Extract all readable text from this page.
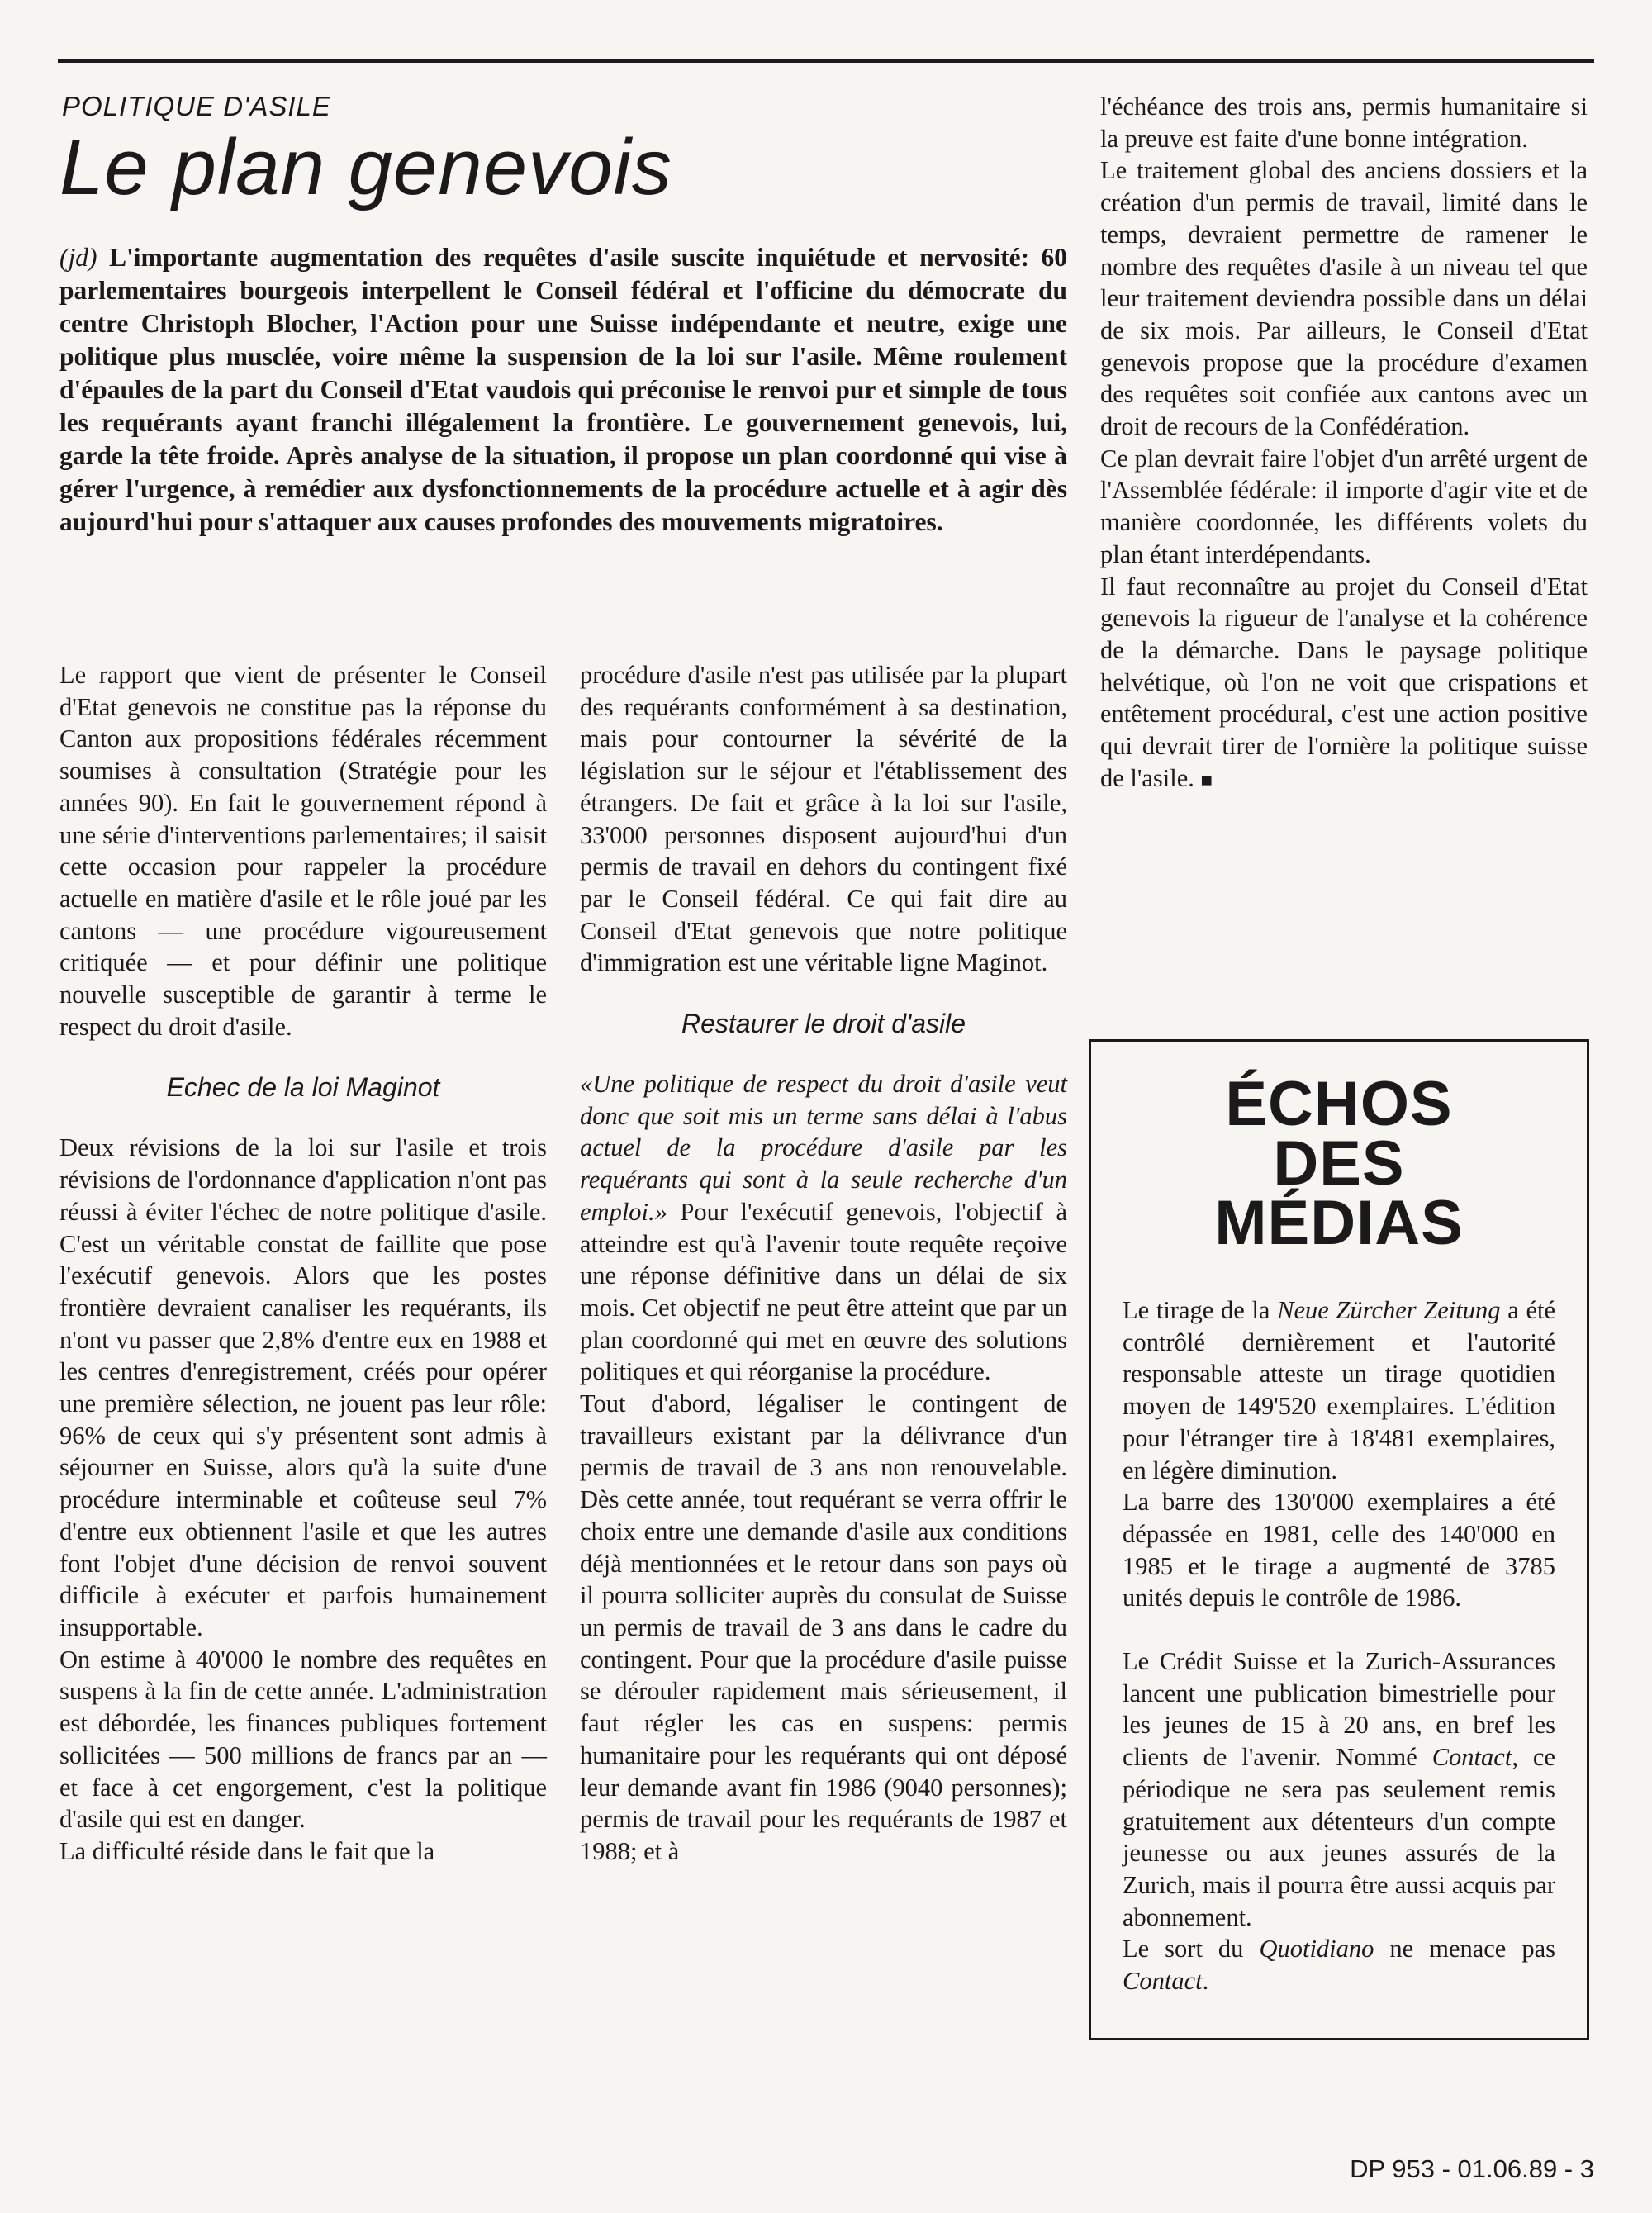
POLITIQUE D'ASILE
Le plan genevois

(jd) L'importante augmentation des requêtes d'asile suscite inquiétude et nervosité: 60 parlementaires bourgeois interpellent le Conseil fédéral et l'officine du démocrate du centre Christoph Blocher, l'Action pour une Suisse indépendante et neutre, exige une politique plus musclée, voire même la suspension de la loi sur l'asile. Même roulement d'épaules de la part du Conseil d'Etat vaudois qui préconise le renvoi pur et simple de tous les requérants ayant franchi illégalement la frontière. Le gouvernement genevois, lui, garde la tête froide. Après analyse de la situation, il propose un plan coordonné qui vise à gérer l'urgence, à remédier aux dysfonctionnements de la procédure actuelle et à agir dès aujourd'hui pour s'attaquer aux causes profondes des mouvements migratoires.

Le rapport que vient de présenter le Conseil d'Etat genevois ne constitue pas la réponse du Canton aux propositions fédérales récemment soumises à consultation (Stratégie pour les années 90). En fait le gouvernement répond à une série d'interventions parlementaires; il saisit cette occasion pour rappeler la procédure actuelle en matière d'asile et le rôle joué par les cantons — une procédure vigoureusement critiquée — et pour définir une politique nouvelle susceptible de garantir à terme le respect du droit d'asile.

Echec de la loi Maginot

Deux révisions de la loi sur l'asile et trois révisions de l'ordonnance d'application n'ont pas réussi à éviter l'échec de notre politique d'asile. C'est un véritable constat de faillite que pose l'exécutif genevois. Alors que les postes frontière devraient canaliser les requérants, ils n'ont vu passer que 2,8% d'entre eux en 1988 et les centres d'enregistrement, créés pour opérer une première sélection, ne jouent pas leur rôle: 96% de ceux qui s'y présentent sont admis à séjourner en Suisse, alors qu'à la suite d'une procédure interminable et coûteuse seul 7% d'entre eux obtiennent l'asile et que les autres font l'objet d'une décision de renvoi souvent difficile à exécuter et parfois humainement insupportable.

On estime à 40'000 le nombre des requêtes en suspens à la fin de cette année. L'administration est débordée, les finances publiques fortement sollicitées — 500 millions de francs par an — et face à cet engorgement, c'est la politique d'asile qui est en danger.

La difficulté réside dans le fait que la

procédure d'asile n'est pas utilisée par la plupart des requérants conformément à sa destination, mais pour contourner la sévérité de la législation sur le séjour et l'établissement des étrangers. De fait et grâce à la loi sur l'asile, 33'000 personnes disposent aujourd'hui d'un permis de travail en dehors du contingent fixé par le Conseil fédéral. Ce qui fait dire au Conseil d'Etat genevois que notre politique d'immigration est une véritable ligne Maginot.

Restaurer le droit d'asile

«Une politique de respect du droit d'asile veut donc que soit mis un terme sans délai à l'abus actuel de la procédure d'asile par les requérants qui sont à la seule recherche d'un emploi.» Pour l'exécutif genevois, l'objectif à atteindre est qu'à l'avenir toute requête reçoive une réponse définitive dans un délai de six mois. Cet objectif ne peut être atteint que par un plan coordonné qui met en œuvre des solutions politiques et qui réorganise la procédure.

Tout d'abord, légaliser le contingent de travailleurs existant par la délivrance d'un permis de travail de 3 ans non renouvelable. Dès cette année, tout requérant se verra offrir le choix entre une demande d'asile aux conditions déjà mentionnées et le retour dans son pays où il pourra solliciter auprès du consulat de Suisse un permis de travail de 3 ans dans le cadre du contingent. Pour que la procédure d'asile puisse se dérouler rapidement mais sérieusement, il faut régler les cas en suspens: permis humanitaire pour les requérants qui ont déposé leur demande avant fin 1986 (9040 personnes); permis de travail pour les requérants de 1987 et 1988; et à

l'échéance des trois ans, permis humanitaire si la preuve est faite d'une bonne intégration.

Le traitement global des anciens dossiers et la création d'un permis de travail, limité dans le temps, devraient permettre de ramener le nombre des requêtes d'asile à un niveau tel que leur traitement deviendra possible dans un délai de six mois. Par ailleurs, le Conseil d'Etat genevois propose que la procédure d'examen des requêtes soit confiée aux cantons avec un droit de recours de la Confédération.

Ce plan devrait faire l'objet d'un arrêté urgent de l'Assemblée fédérale: il importe d'agir vite et de manière coordonnée, les différents volets du plan étant interdépendants.

Il faut reconnaître au projet du Conseil d'Etat genevois la rigueur de l'analyse et la cohérence de la démarche. Dans le paysage politique helvétique, où l'on ne voit que crispations et entêtement procédural, c'est une action positive qui devrait tirer de l'ornière la politique suisse de l'asile. ■

ÉCHOS
DES
MÉDIAS

Le tirage de la Neue Zürcher Zeitung a été contrôlé dernièrement et l'autorité responsable atteste un tirage quotidien moyen de 149'520 exemplaires. L'édition pour l'étranger tire à 18'481 exemplaires, en légère diminution.

La barre des 130'000 exemplaires a été dépassée en 1981, celle des 140'000 en 1985 et le tirage a augmenté de 3785 unités depuis le contrôle de 1986.

Le Crédit Suisse et la Zurich-Assurances lancent une publication bimestrielle pour les jeunes de 15 à 20 ans, en bref les clients de l'avenir. Nommé Contact, ce périodique ne sera pas seulement remis gratuitement aux détenteurs d'un compte jeunesse ou aux jeunes assurés de la Zurich, mais il pourra être aussi acquis par abonnement.

Le sort du Quotidiano ne menace pas Contact.

DP 953 - 01.06.89 - 3
